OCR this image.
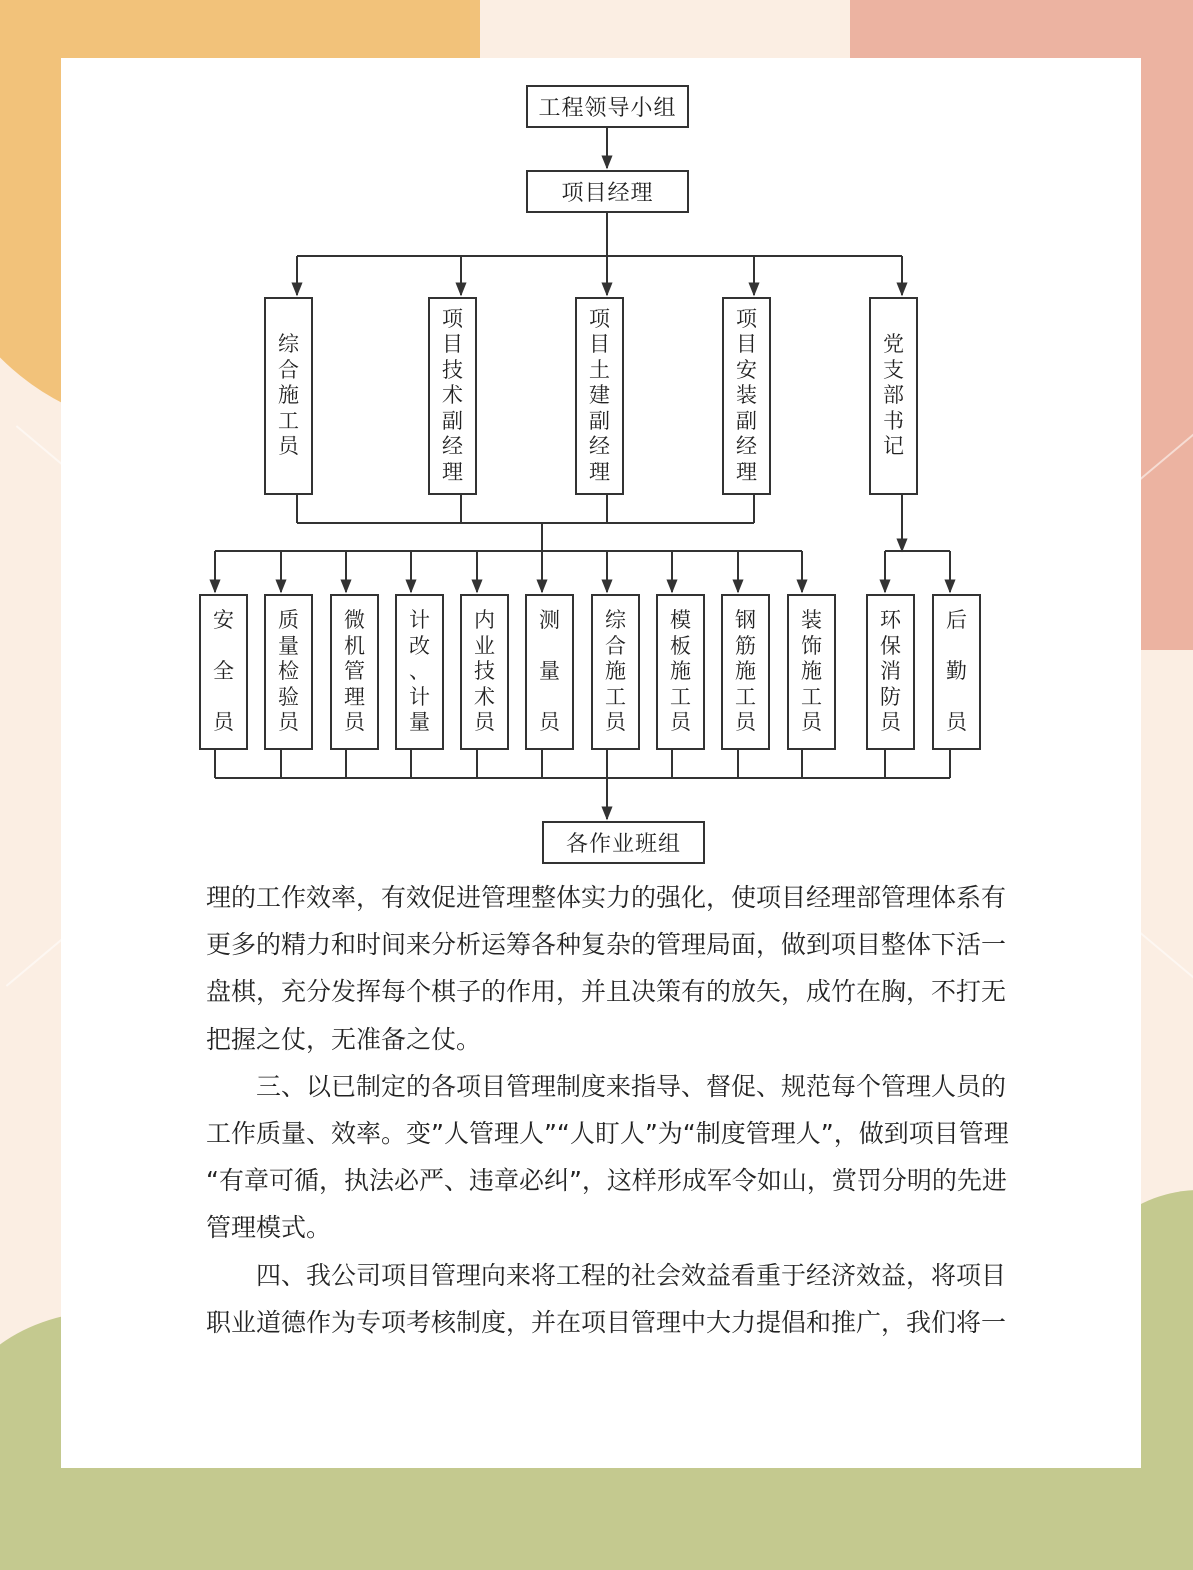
工程领导小组
项目经理
综
合
施
工
员
项
目
技
术
副
经
理
项
目
土
建
副
经
理
项
目
安
装
副
经
理
党
支
部
书
记
安

全

员
质
量
检
验
员
微
机
管
理
员
计
改
、
计
量
内
业
技
术
员
测

量

员
综
合
施
工
员
模
板
施
工
员
钢
筋
施
工
员
装
饰
施
工
员
环
保
消
防
员
后

勤

员
各作业班组
理的工作效率，有效促进管理整体实力的强化，使项目经理部管理体系有
更多的精力和时间来分析运筹各种复杂的管理局面，做到项目整体下活一
盘棋，充分发挥每个棋子的作用，并且决策有的放矢，成竹在胸，不打无
把握之仗，无准备之仗。
　　三、以已制定的各项目管理制度来指导、督促、规范每个管理人员的
工作质量、效率。变”人管理人”“人盯人”为“制度管理人”，做到项目管理
“有章可循，执法必严、违章必纠”，这样形成军令如山，赏罚分明的先进
管理模式。
　　四、我公司项目管理向来将工程的社会效益看重于经济效益，将项目
职业道德作为专项考核制度，并在项目管理中大力提倡和推广，我们将一
